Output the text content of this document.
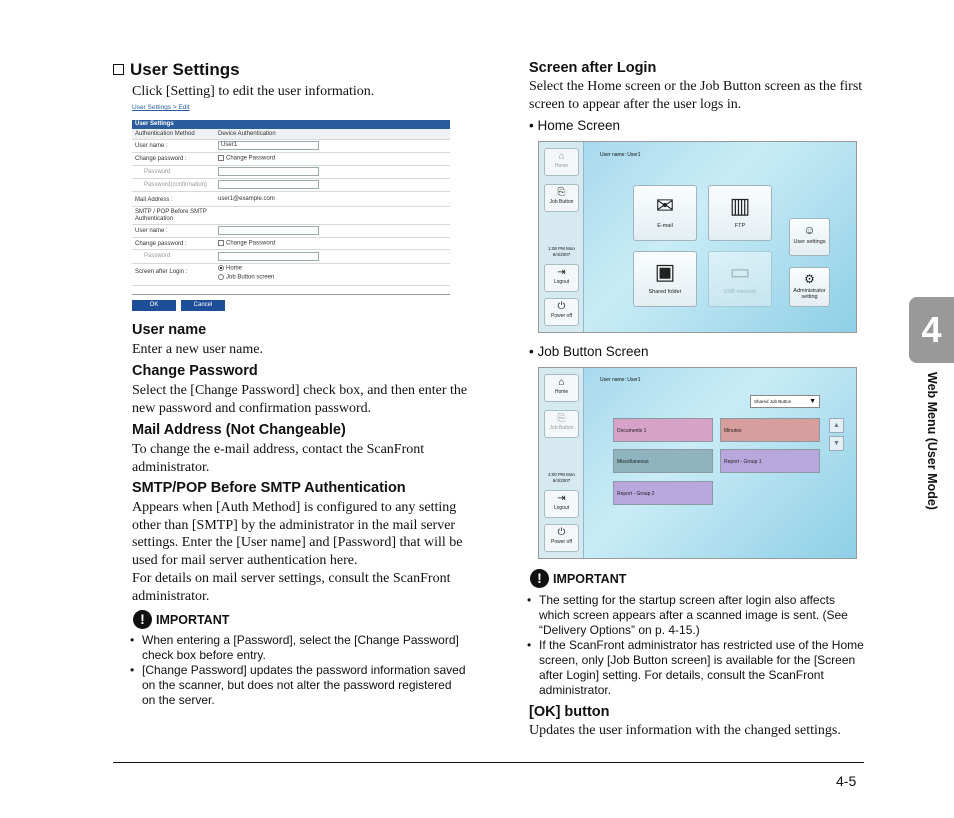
User Settings
Click [Setting] to edit the user information.
User Settings > Edit
User Settings
Authentication Method	Device Authentication
User name :	User1
Change password :	Change Password
Password
Password(confirmation)
Mail Address :	user1@example.com
SMTP / POP Before SMTP Authentication
User name :
Change password :	Change Password
Password
Screen after Login :
Home
Job Button screen
OK	Cancel
User name
Enter a new user name.
Change Password
Select the [Change Password] check box, and then enter the new password and confirmation password.
Mail Address (Not Changeable)
To change the e-mail address, contact the ScanFront administrator.
SMTP/POP Before SMTP Authentication
Appears when [Auth Method] is configured to any setting other than [SMTP] by the administrator in the mail server settings. Enter the [User name] and [Password] that will be used for mail server authentication here.
For details on mail server settings, consult the ScanFront administrator.
! IMPORTANT
• When entering a [Password], select the [Change Password] check box before entry.
• [Change Password] updates the password information saved on the scanner, but does not alter the password registered on the server.
Screen after Login
Select the Home screen or the Job Button screen as the first screen to appear after the user logs in.
• Home Screen
⌂
Home
⎘
Job Button
1:08 PM Mon
6/4/2007
⇥
Logout
⏻
Power off
User name: User1
✉
E-mail
▥
FTP
▣
Shared folder
▭
USB memory
☺
User settings
⚙
Administrator setting
• Job Button Screen
⌂
Home
⎘
Job Button
4:00 PM Mon
6/4/2007
⇥
Logout
⏻
Power off
User name: User1
Shared Job Button	▼
Documents 1	Minutes
Miscellaneous	Report - Group 1
Report - Group 2
▲
▼
! IMPORTANT
• The setting for the startup screen after login also affects which screen appears after a scanned image is sent. (See “Delivery Options” on p. 4-15.)
• If the ScanFront administrator has restricted use of the Home screen, only [Job Button screen] is available for the [Screen after Login] setting. For details, consult the ScanFront administrator.
[OK] button
Updates the user information with the changed settings.
4
Web Menu (User Mode)
4-5
